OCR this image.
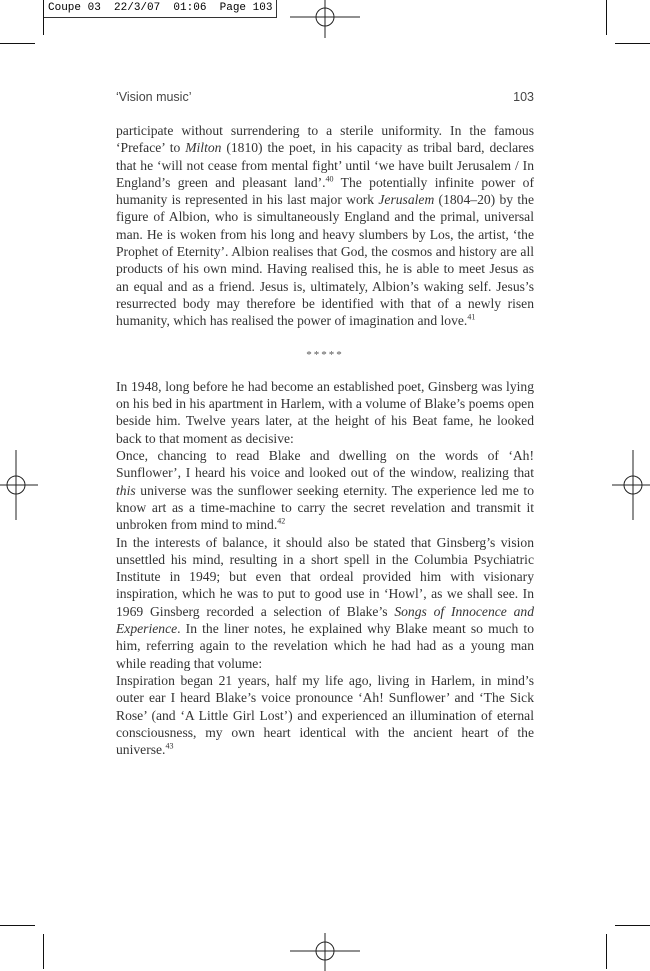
Coupe 03  22/3/07  01:06  Page 103
‘Vision music’	103

participate without surrendering to a sterile uniformity. In the famous ‘Preface’ to Milton (1810) the poet, in his capacity as tribal bard, declares that he ‘will not cease from mental fight’ until ‘we have built Jerusalem / In England’s green and pleasant land’.$^{40}$ The potentially infinite power of humanity is represented in his last major work Jerusalem (1804–20) by the figure of Albion, who is simultaneously England and the primal, universal man. He is woken from his long and heavy slumbers by Los, the artist, ‘the Prophet of Eternity’. Albion realises that God, the cosmos and history are all products of his own mind. Having realised this, he is able to meet Jesus as an equal and as a friend. Jesus is, ultimately, Albion’s waking self. Jesus’s resurrected body may therefore be identified with that of a newly risen humanity, which has realised the power of imagination and love.$^{41}$

*****

In 1948, long before he had become an established poet, Ginsberg was lying on his bed in his apartment in Harlem, with a volume of Blake’s poems open beside him. Twelve years later, at the height of his Beat fame, he looked back to that moment as decisive:

Once, chancing to read Blake and dwelling on the words of ‘Ah! Sunflower’, I heard his voice and looked out of the window, realizing that this universe was the sunflower seeking eternity. The experience led me to know art as a time-machine to carry the secret revelation and transmit it unbroken from mind to mind.$^{42}$

In the interests of balance, it should also be stated that Ginsberg’s vision unsettled his mind, resulting in a short spell in the Columbia Psychiatric Institute in 1949; but even that ordeal provided him with visionary inspiration, which he was to put to good use in ‘Howl’, as we shall see. In 1969 Ginsberg recorded a selection of Blake’s Songs of Innocence and Experience. In the liner notes, he explained why Blake meant so much to him, referring again to the revelation which he had had as a young man while reading that volume:

Inspiration began 21 years, half my life ago, living in Harlem, in mind’s outer ear I heard Blake’s voice pronounce ‘Ah! Sunflower’ and ‘The Sick Rose’ (and ‘A Little Girl Lost’) and experienced an illumination of eternal consciousness, my own heart identical with the ancient heart of the universe.$^{43}$
